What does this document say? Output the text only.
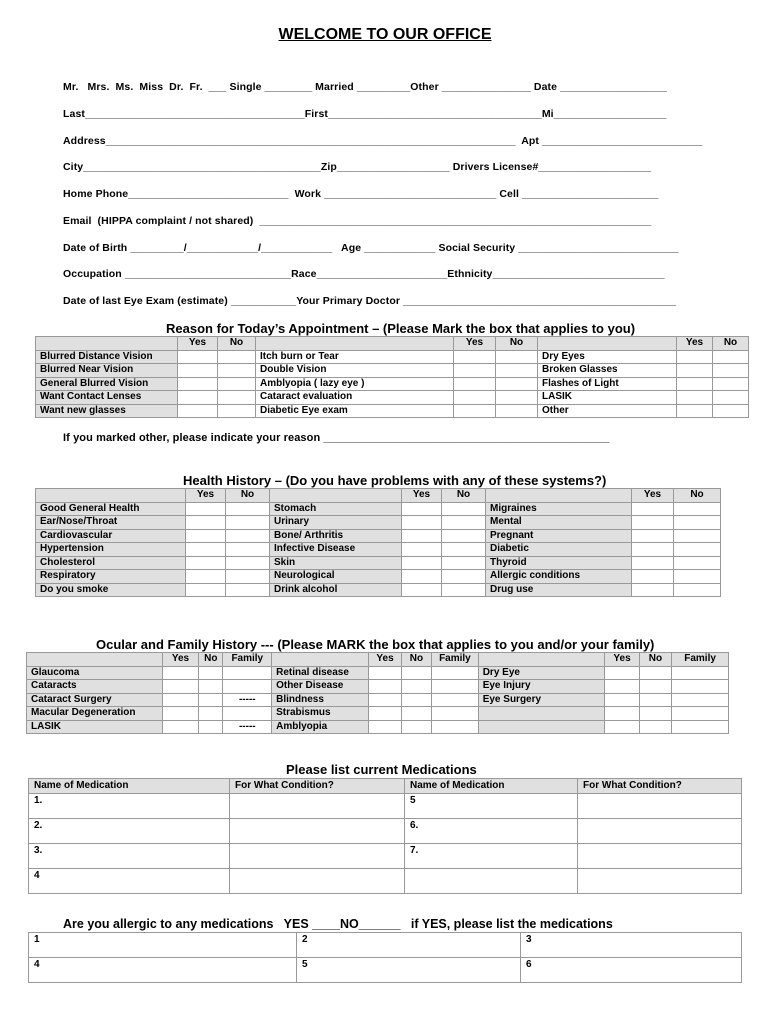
WELCOME TO OUR OFFICE
Mr.   Mrs.  Ms.  Miss  Dr.  Fr.  ___ Single ________ Married _________Other _______________ Date __________________
Last_____________________________________First____________________________________Mi___________________
Address_____________________________________________________________________  Apt ___________________________
City________________________________________Zip___________________ Drivers License#___________________
Home Phone___________________________  Work _____________________________ Cell _______________________
Email  (HIPPA complaint / not shared)  __________________________________________________________________
Date of Birth _________/____________/____________   Age ____________ Social Security ___________________________
Occupation ____________________________Race______________________Ethnicity_____________________________
Date of last Eye Exam (estimate) ___________Your Primary Doctor ______________________________________________
Reason for Today’s Appointment – (Please Mark the box that applies to you)
	Yes	No		Yes	No		Yes	No
Blurred Distance Vision			Itch burn or Tear			Dry Eyes		
Blurred Near Vision			Double Vision			Broken Glasses		
General Blurred Vision			Amblyopia ( lazy eye )			Flashes of Light		
Want Contact Lenses			Cataract evaluation			LASIK		
Want new glasses			Diabetic Eye exam			Other		
If you marked other, please indicate your reason ______________________________________________
Health History – (Do you have problems with any of these systems?)
	Yes	No		Yes	No		Yes	No
Good General Health			Stomach			Migraines		
Ear/Nose/Throat			Urinary			Mental		
Cardiovascular			Bone/ Arthritis			Pregnant		
Hypertension			Infective Disease			Diabetic		
Cholesterol			Skin			Thyroid		
Respiratory			Neurological			Allergic conditions		
Do you smoke			Drink alcohol			Drug use		
Ocular and Family History --- (Please MARK the box that applies to you and/or your family)
	Yes	No	Family		Yes	No	Family		Yes	No	Family
Glaucoma				Retinal disease				Dry Eye			
Cataracts				Other Disease				Eye Injury			
Cataract Surgery			-----	Blindness				Eye Surgery			
Macular Degeneration				Strabismus							
LASIK			-----	Amblyopia							
Please list current Medications
Name of Medication	For What Condition?	Name of Medication	For What Condition?
1.		5	
2.		6.	
3.		7.	
4			
Are you allergic to any medications   YES ____NO______   if YES, please list the medications
1	2	3
4	5	6
